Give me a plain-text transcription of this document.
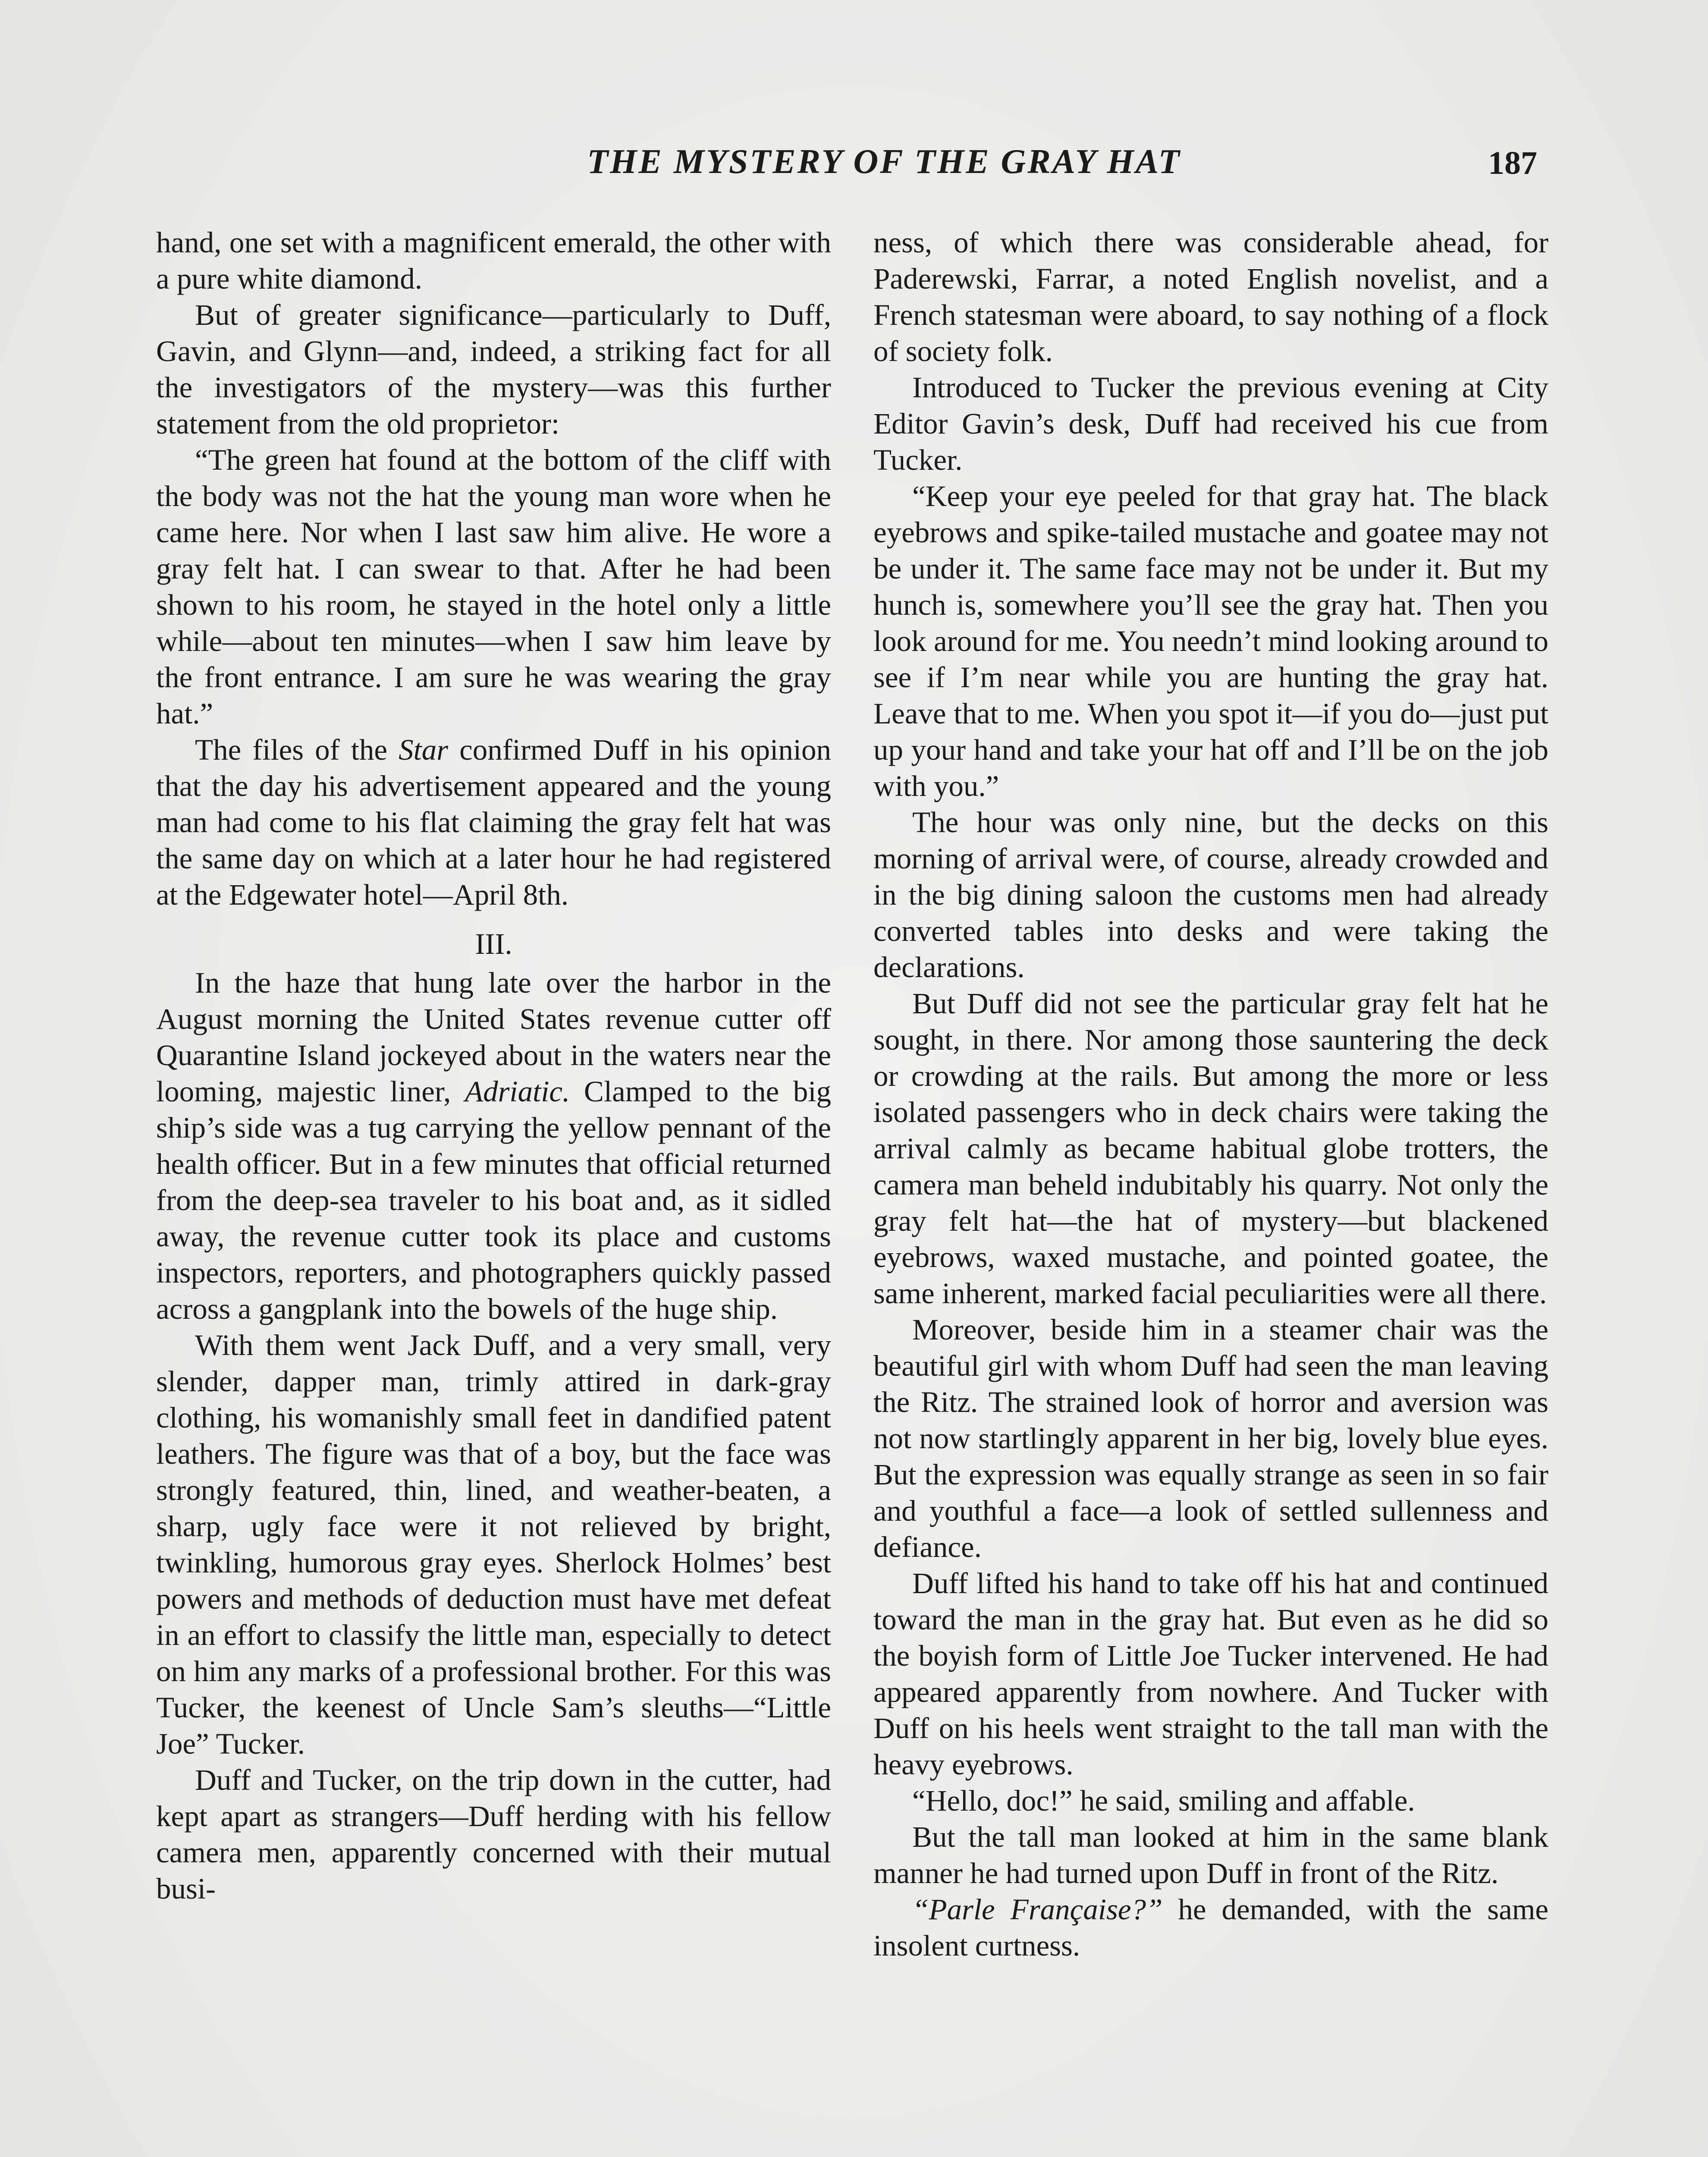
THE MYSTERY OF THE GRAY HAT	187

hand, one set with a magnificent emerald, the other with a pure white diamond.

But of greater significance—particularly to Duff, Gavin, and Glynn—and, indeed, a striking fact for all the investigators of the mystery—was this further statement from the old proprietor:

“The green hat found at the bottom of the cliff with the body was not the hat the young man wore when he came here. Nor when I last saw him alive. He wore a gray felt hat. I can swear to that. After he had been shown to his room, he stayed in the hotel only a little while—about ten minutes—when I saw him leave by the front entrance. I am sure he was wearing the gray hat.”

The files of the Star confirmed Duff in his opinion that the day his advertisement appeared and the young man had come to his flat claiming the gray felt hat was the same day on which at a later hour he had registered at the Edgewater hotel—April 8th.

III.

In the haze that hung late over the harbor in the August morning the United States revenue cutter off Quarantine Island jockeyed about in the waters near the looming, majestic liner, Adriatic. Clamped to the big ship’s side was a tug carrying the yellow pennant of the health officer. But in a few minutes that official returned from the deep-sea traveler to his boat and, as it sidled away, the revenue cutter took its place and customs inspectors, reporters, and photographers quickly passed across a gangplank into the bowels of the huge ship.

With them went Jack Duff, and a very small, very slender, dapper man, trimly attired in dark-gray clothing, his womanishly small feet in dandified patent leathers. The figure was that of a boy, but the face was strongly featured, thin, lined, and weather-beaten, a sharp, ugly face were it not relieved by bright, twinkling, humorous gray eyes. Sherlock Holmes’ best powers and methods of deduction must have met defeat in an effort to classify the little man, especially to detect on him any marks of a professional brother. For this was Tucker, the keenest of Uncle Sam’s sleuths—“Little Joe” Tucker.

Duff and Tucker, on the trip down in the cutter, had kept apart as strangers—Duff herding with his fellow camera men, apparently concerned with their mutual busi-

ness, of which there was considerable ahead, for Paderewski, Farrar, a noted English novelist, and a French statesman were aboard, to say nothing of a flock of society folk.

Introduced to Tucker the previous evening at City Editor Gavin’s desk, Duff had received his cue from Tucker.

“Keep your eye peeled for that gray hat. The black eyebrows and spike-tailed mustache and goatee may not be under it. The same face may not be under it. But my hunch is, somewhere you’ll see the gray hat. Then you look around for me. You needn’t mind looking around to see if I’m near while you are hunting the gray hat. Leave that to me. When you spot it—if you do—just put up your hand and take your hat off and I’ll be on the job with you.”

The hour was only nine, but the decks on this morning of arrival were, of course, already crowded and in the big dining saloon the customs men had already converted tables into desks and were taking the declarations.

But Duff did not see the particular gray felt hat he sought, in there. Nor among those sauntering the deck or crowding at the rails. But among the more or less isolated passengers who in deck chairs were taking the arrival calmly as became habitual globe trotters, the camera man beheld indubitably his quarry. Not only the gray felt hat—the hat of mystery—but blackened eyebrows, waxed mustache, and pointed goatee, the same inherent, marked facial peculiarities were all there.

Moreover, beside him in a steamer chair was the beautiful girl with whom Duff had seen the man leaving the Ritz. The strained look of horror and aversion was not now startlingly apparent in her big, lovely blue eyes. But the expression was equally strange as seen in so fair and youthful a face—a look of settled sullenness and defiance.

Duff lifted his hand to take off his hat and continued toward the man in the gray hat. But even as he did so the boyish form of Little Joe Tucker intervened. He had appeared apparently from nowhere. And Tucker with Duff on his heels went straight to the tall man with the heavy eyebrows.

“Hello, doc!” he said, smiling and affable.

But the tall man looked at him in the same blank manner he had turned upon Duff in front of the Ritz.

“Parle Française?” he demanded, with the same insolent curtness.
